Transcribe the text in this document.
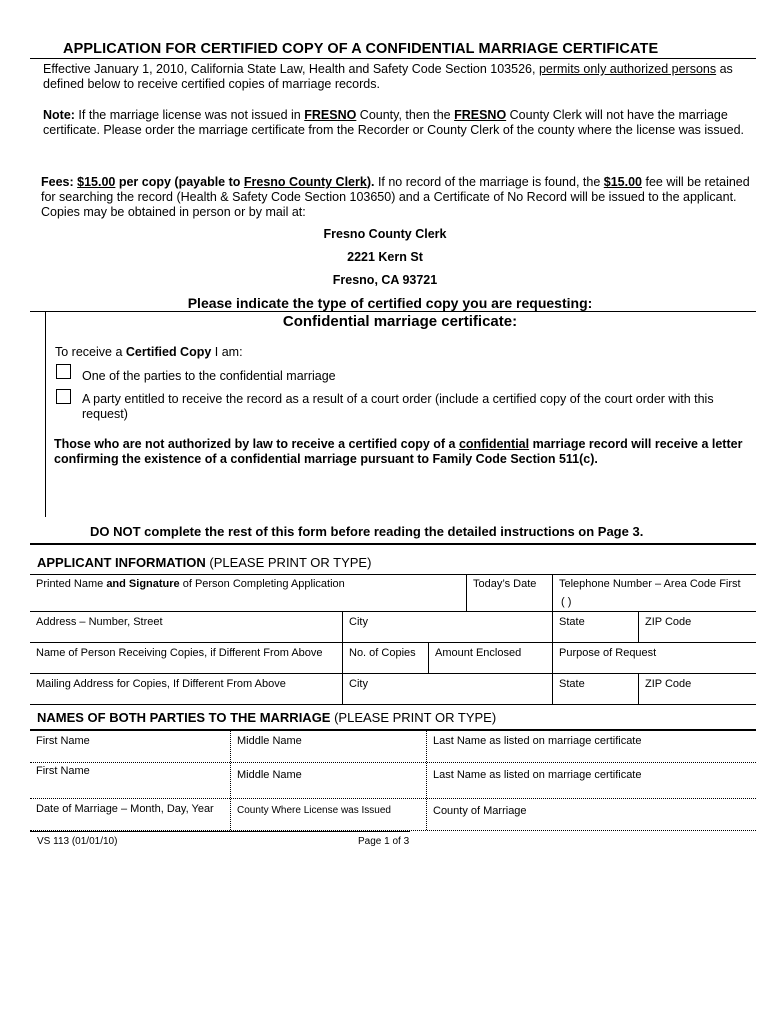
APPLICATION FOR CERTIFIED COPY OF A CONFIDENTIAL MARRIAGE CERTIFICATE
Effective January 1, 2010, California State Law, Health and Safety Code Section 103526, permits only authorized persons as defined below to receive certified copies of marriage records.
Note: If the marriage license was not issued in FRESNO County, then the FRESNO County Clerk will not have the marriage certificate. Please order the marriage certificate from the Recorder or County Clerk of the county where the license was issued.
Fees: $15.00 per copy (payable to Fresno County Clerk). If no record of the marriage is found, the $15.00 fee will be retained for searching the record (Health & Safety Code Section 103650) and a Certificate of No Record will be issued to the applicant. Copies may be obtained in person or by mail at:
Fresno County Clerk
2221 Kern St
Fresno, CA 93721
Please indicate the type of certified copy you are requesting:
Confidential marriage certificate:
To receive a Certified Copy I am:
One of the parties to the confidential marriage
A party entitled to receive the record as a result of a court order (include a certified copy of the court order with this request)
Those who are not authorized by law to receive a certified copy of a confidential marriage record will receive a letter confirming the existence of a confidential marriage pursuant to Family Code Section 511(c).
DO NOT complete the rest of this form before reading the detailed instructions on Page 3.
APPLICANT INFORMATION (PLEASE PRINT OR TYPE)
Printed Name and Signature of Person Completing Application	Today’s Date	Telephone Number – Area Code First
( )
Address – Number, Street	City	State	ZIP Code
Name of Person Receiving Copies, if Different From Above	No. of Copies	Amount Enclosed	Purpose of Request
Mailing Address for Copies, If Different From Above	City	State	ZIP Code
NAMES OF BOTH PARTIES TO THE MARRIAGE (PLEASE PRINT OR TYPE)
First Name	Middle Name	Last Name as listed on marriage certificate
First Name	Middle Name	Last Name as listed on marriage certificate
Date of Marriage – Month, Day, Year	County Where License was Issued	County of Marriage
VS 113 (01/01/10)	Page 1 of 3
